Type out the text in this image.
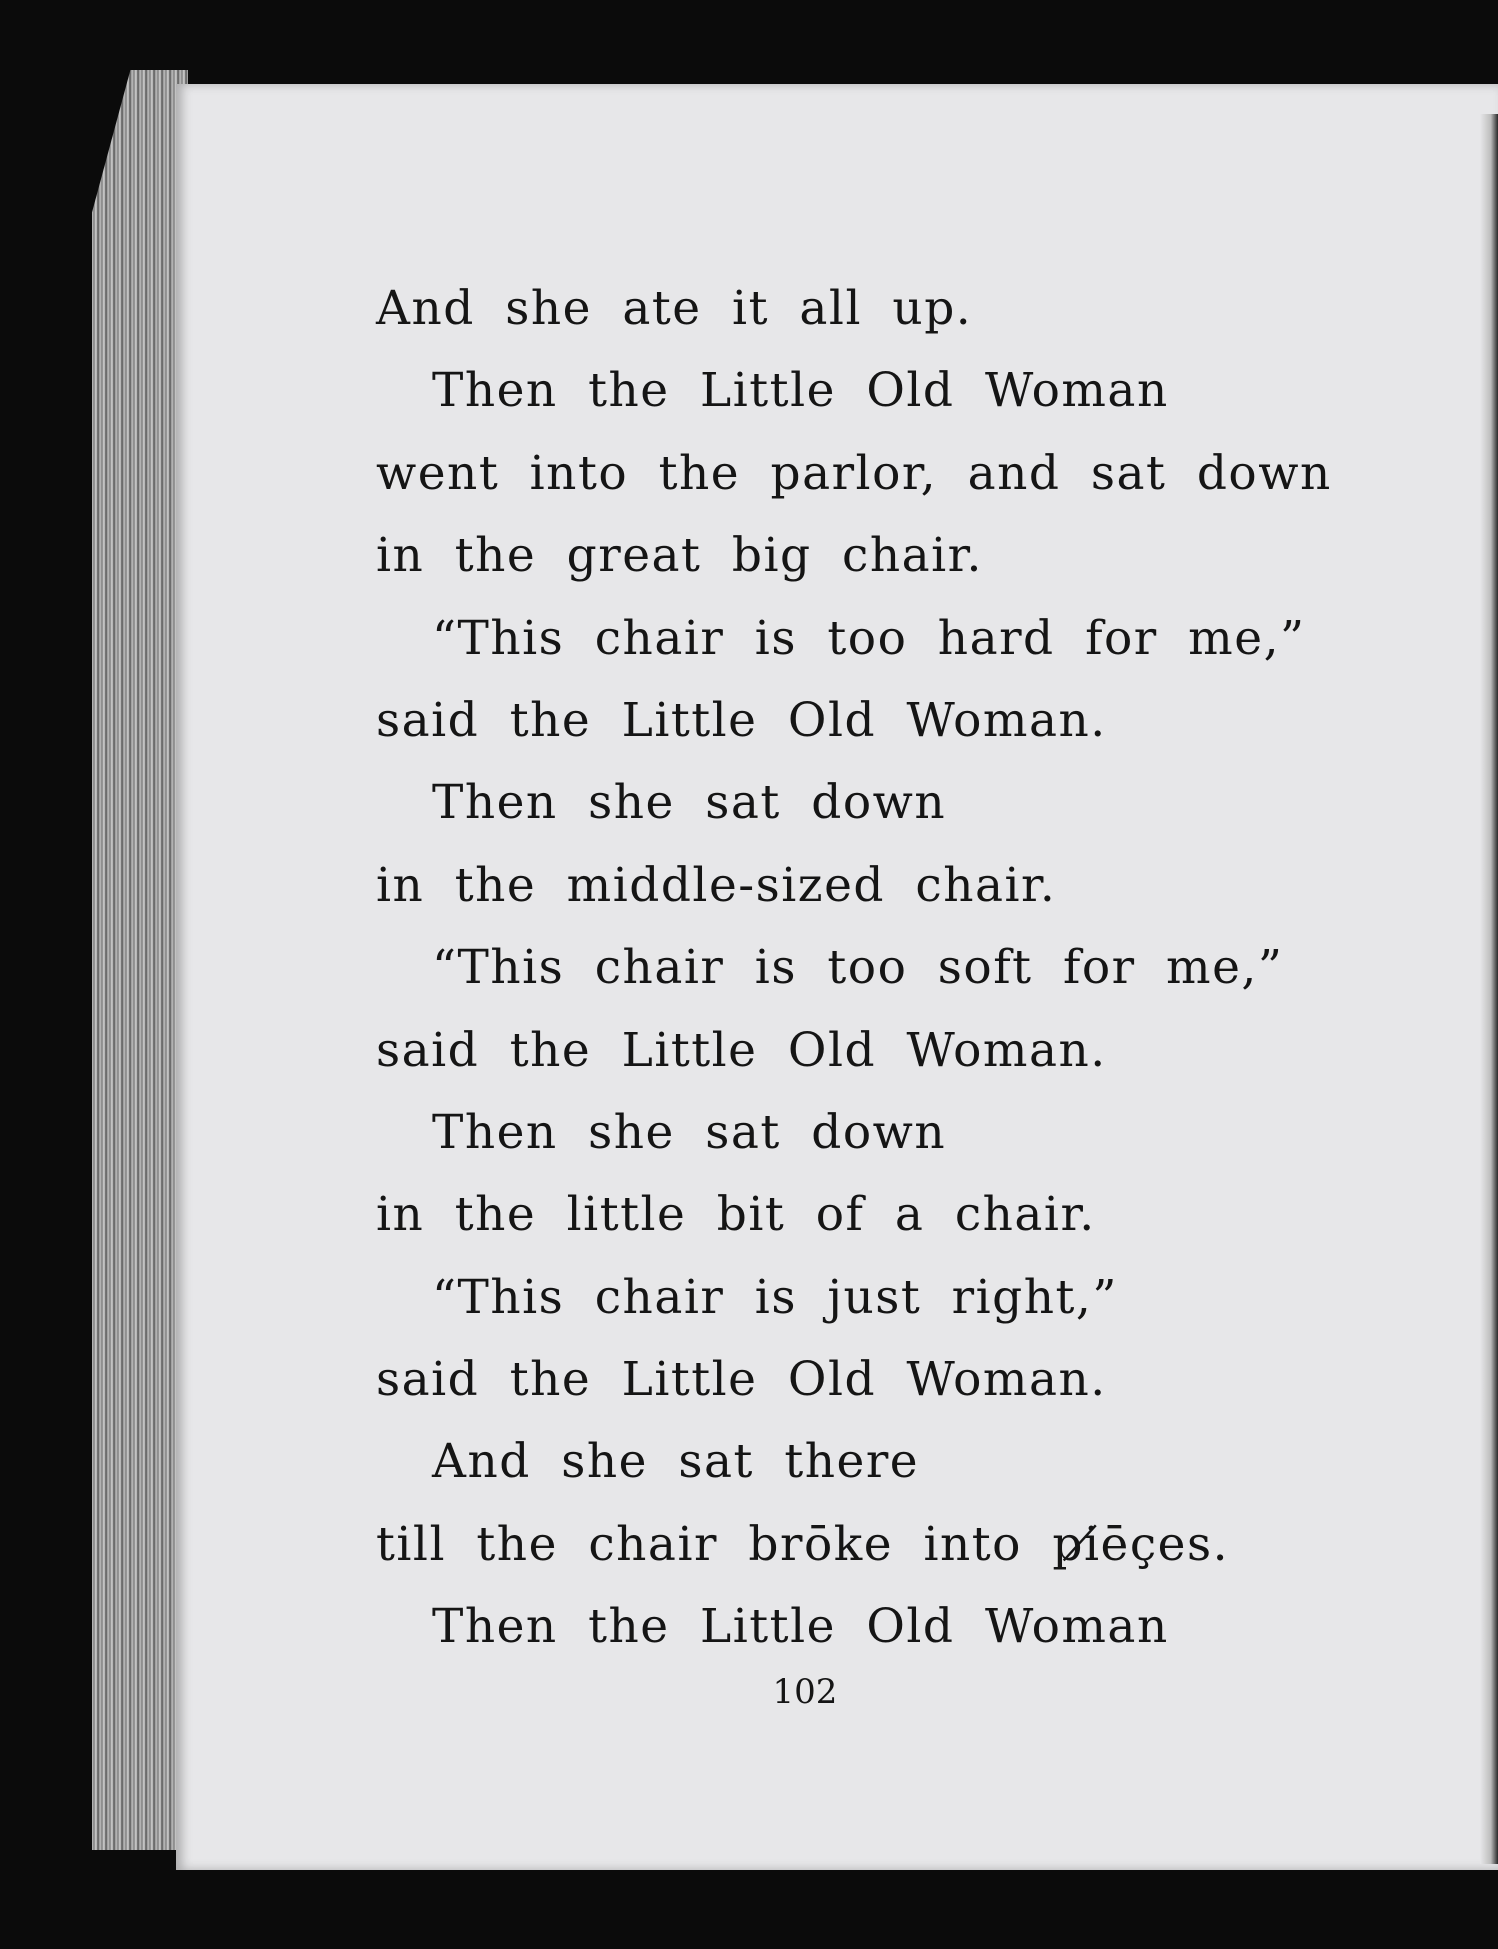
And she ate it all up.
Then the Little Old Woman
went into the parlor, and sat down
in the great big chair.
“This chair is too hard for me,”
said the Little Old Woman.
Then she sat down
in the middle-sized chair.
“This chair is too soft for me,”
said the Little Old Woman.
Then she sat down
in the little bit of a chair.
“This chair is just right,”
said the Little Old Woman.
And she sat there
till the chair brōke into pi̸ēçes.
Then the Little Old Woman
102
